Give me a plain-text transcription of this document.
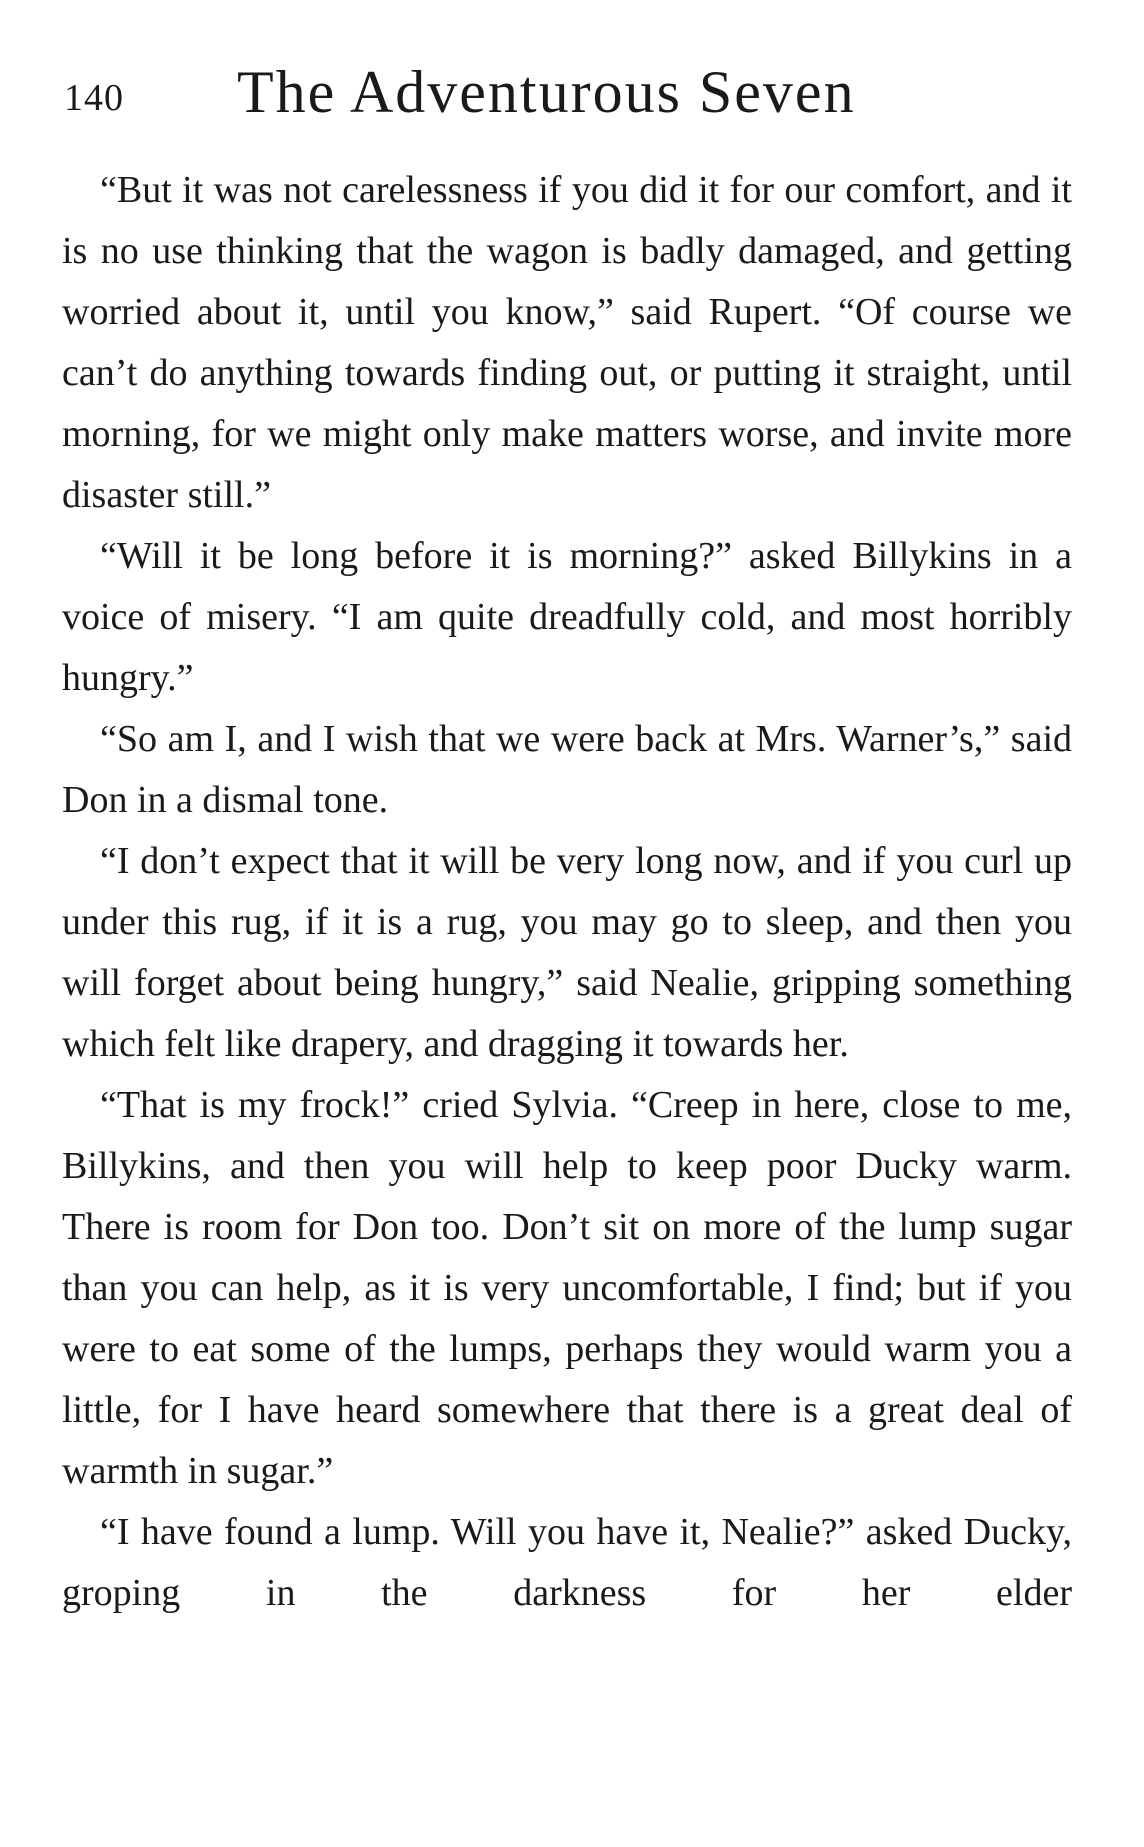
140 The Adventurous Seven

“But it was not carelessness if you did it for our comfort, and it is no use thinking that the wagon is badly damaged, and getting worried about it, until you know,” said Rupert. “Of course we can’t do anything towards finding out, or putting it straight, until morning, for we might only make matters worse, and invite more disaster still.”

“Will it be long before it is morning?” asked Billykins in a voice of misery. “I am quite dreadfully cold, and most horribly hungry.”

“So am I, and I wish that we were back at Mrs. Warner’s,” said Don in a dismal tone.

“I don’t expect that it will be very long now, and if you curl up under this rug, if it is a rug, you may go to sleep, and then you will forget about being hungry,” said Nealie, gripping something which felt like drapery, and dragging it towards her.

“That is my frock!” cried Sylvia. “Creep in here, close to me, Billykins, and then you will help to keep poor Ducky warm. There is room for Don too. Don’t sit on more of the lump sugar than you can help, as it is very uncomfortable, I find; but if you were to eat some of the lumps, perhaps they would warm you a little, for I have heard somewhere that there is a great deal of warmth in sugar.”

“I have found a lump. Will you have it, Nealie?” asked Ducky, groping in the darkness for her elder
